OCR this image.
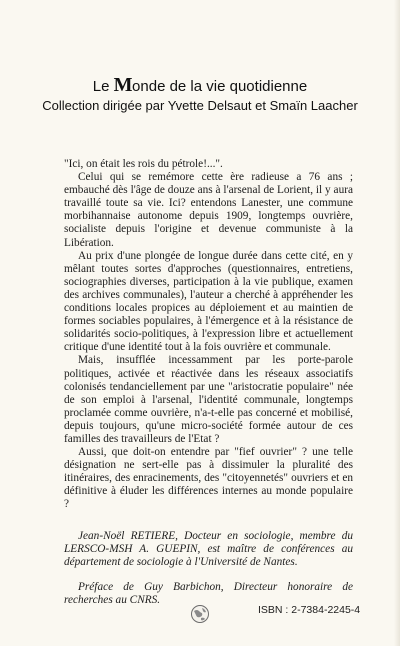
Le Monde de la vie quotidienne
Collection dirigée par Yvette Delsaut et Smaïn Laacher

"Ici, on était les rois du pétrole!...".

Celui qui se remémore cette ère radieuse a 76 ans ; embauché dès l'âge de douze ans à l'arsenal de Lorient, il y aura travaillé toute sa vie. Ici? entendons Lanester, une commune morbihannaise autonome depuis 1909, longtemps ouvrière, socialiste depuis l'origine et devenue communiste à la Libération.

Au prix d'une plongée de longue durée dans cette cité, en y mêlant toutes sortes d'approches (questionnaires, entretiens, sociographies diverses, participation à la vie publique, examen des archives communales), l'auteur a cherché à appréhender les conditions locales propices au déploiement et au maintien de formes sociables populaires, à l'émergence et à la résistance de solidarités socio-politiques, à l'expression libre et actuellement critique d'une identité tout à la fois ouvrière et communale.

Mais, insufflée incessamment par les porte-parole politiques, activée et réactivée dans les réseaux associatifs colonisés tendanciellement par une "aristocratie populaire" née de son emploi à l'arsenal, l'identité communale, longtemps proclamée comme ouvrière, n'a-t-elle pas concerné et mobilisé, depuis toujours, qu'une micro-société formée autour de ces familles des travailleurs de l'Etat ?

Aussi, que doit-on entendre par "fief ouvrier" ? une telle désignation ne sert-elle pas à dissimuler la pluralité des itinéraires, des enracinements, des "citoyennetés" ouvriers et en définitive à éluder les différences internes au monde populaire ?

Jean-Noël RETIERE, Docteur en sociologie, membre du LERSCO-MSH A. GUEPIN, est maître de conférences au département de sociologie à l'Université de Nantes.

Préface de Guy Barbichon, Directeur honoraire de recherches au CNRS.

ISBN : 2-7384-2245-4
